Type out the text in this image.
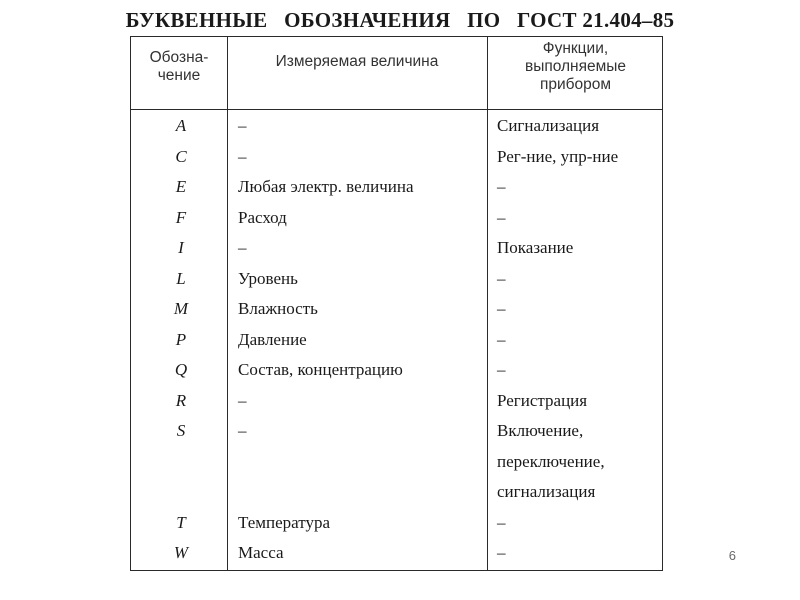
БУКВЕННЫЕ   ОБОЗНАЧЕНИЯ   ПО   ГОСТ 21.404–85
Обозна-
чение
Измеряемая величина
Функции,
выполняемые
прибором
A
C
E
F
I
L
M
P
Q
R
S
T
W
–
–
Любая электр. величина
Расход
–
Уровень
Влажность
Давление
Состав, концентрацию
–
–
Температура
Масса
Сигнализация
Рег-ние, упр-ние
–
–
Показание
–
–
–
–
Регистрация
Включение, переключение, сигнализация
–
–	6
